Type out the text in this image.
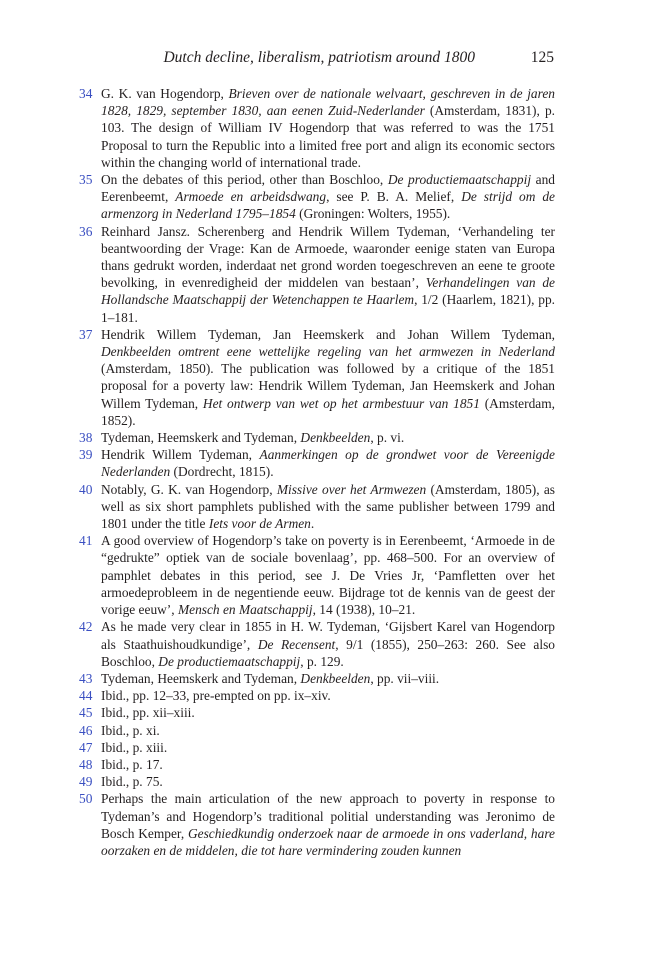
Dutch decline, liberalism, patriotism around 1800	125
34 G. K. van Hogendorp, Brieven over de nationale welvaart, geschreven in de jaren 1828, 1829, september 1830, aan eenen Zuid-Nederlander (Amsterdam, 1831), p. 103. The design of William IV Hogendorp that was referred to was the 1751 Proposal to turn the Republic into a limited free port and align its economic sectors within the changing world of international trade.
35 On the debates of this period, other than Boschloo, De productiemaatschappij and Eerenbeemt, Armoede en arbeidsdwang, see P. B. A. Melief, De strijd om de armenzorg in Nederland 1795–1854 (Groningen: Wolters, 1955).
36 Reinhard Jansz. Scherenberg and Hendrik Willem Tydeman, ‘Verhandeling ter beantwoording der Vrage: Kan de Armoede, waaronder eenige staten van Europa thans gedrukt worden, inderdaat net grond worden toegeschreven an eene te groote bevolking, in evenredigheid der middelen van bestaan’, Verhandelingen van de Hollandsche Maatschappij der Wetenchappen te Haarlem, 1/2 (Haarlem, 1821), pp. 1–181.
37 Hendrik Willem Tydeman, Jan Heemskerk and Johan Willem Tydeman, Denkbeelden omtrent eene wettelijke regeling van het armwezen in Nederland (Amsterdam, 1850). The publication was followed by a critique of the 1851 proposal for a poverty law: Hendrik Willem Tydeman, Jan Heemskerk and Johan Willem Tydeman, Het ontwerp van wet op het armbestuur van 1851 (Amsterdam, 1852).
38 Tydeman, Heemskerk and Tydeman, Denkbeelden, p. vi.
39 Hendrik Willem Tydeman, Aanmerkingen op de grondwet voor de Vereenigde Nederlanden (Dordrecht, 1815).
40 Notably, G. K. van Hogendorp, Missive over het Armwezen (Amsterdam, 1805), as well as six short pamphlets published with the same publisher between 1799 and 1801 under the title Iets voor de Armen.
41 A good overview of Hogendorp’s take on poverty is in Eerenbeemt, ‘Armoede in de “gedrukte” optiek van de sociale bovenlaag’, pp. 468–500. For an overview of pamphlet debates in this period, see J. De Vries Jr, ‘Pamfletten over het armoedeprobleem in de negentiende eeuw. Bijdrage tot de kennis van de geest der vorige eeuw’, Mensch en Maatschappij, 14 (1938), 10–21.
42 As he made very clear in 1855 in H. W. Tydeman, ‘Gijsbert Karel van Hogendorp als Staathuishoudkundige’, De Recensent, 9/1 (1855), 250–263: 260. See also Boschloo, De productiemaatschappij, p. 129.
43 Tydeman, Heemskerk and Tydeman, Denkbeelden, pp. vii–viii.
44 Ibid., pp. 12–33, pre-empted on pp. ix–xiv.
45 Ibid., pp. xii–xiii.
46 Ibid., p. xi.
47 Ibid., p. xiii.
48 Ibid., p. 17.
49 Ibid., p. 75.
50 Perhaps the main articulation of the new approach to poverty in response to Tydeman’s and Hogendorp’s traditional politial understanding was Jeronimo de Bosch Kemper, Geschiedkundig onderzoek naar de armoede in ons vaderland, hare oorzaken en de middelen, die tot hare vermindering zouden kunnen
